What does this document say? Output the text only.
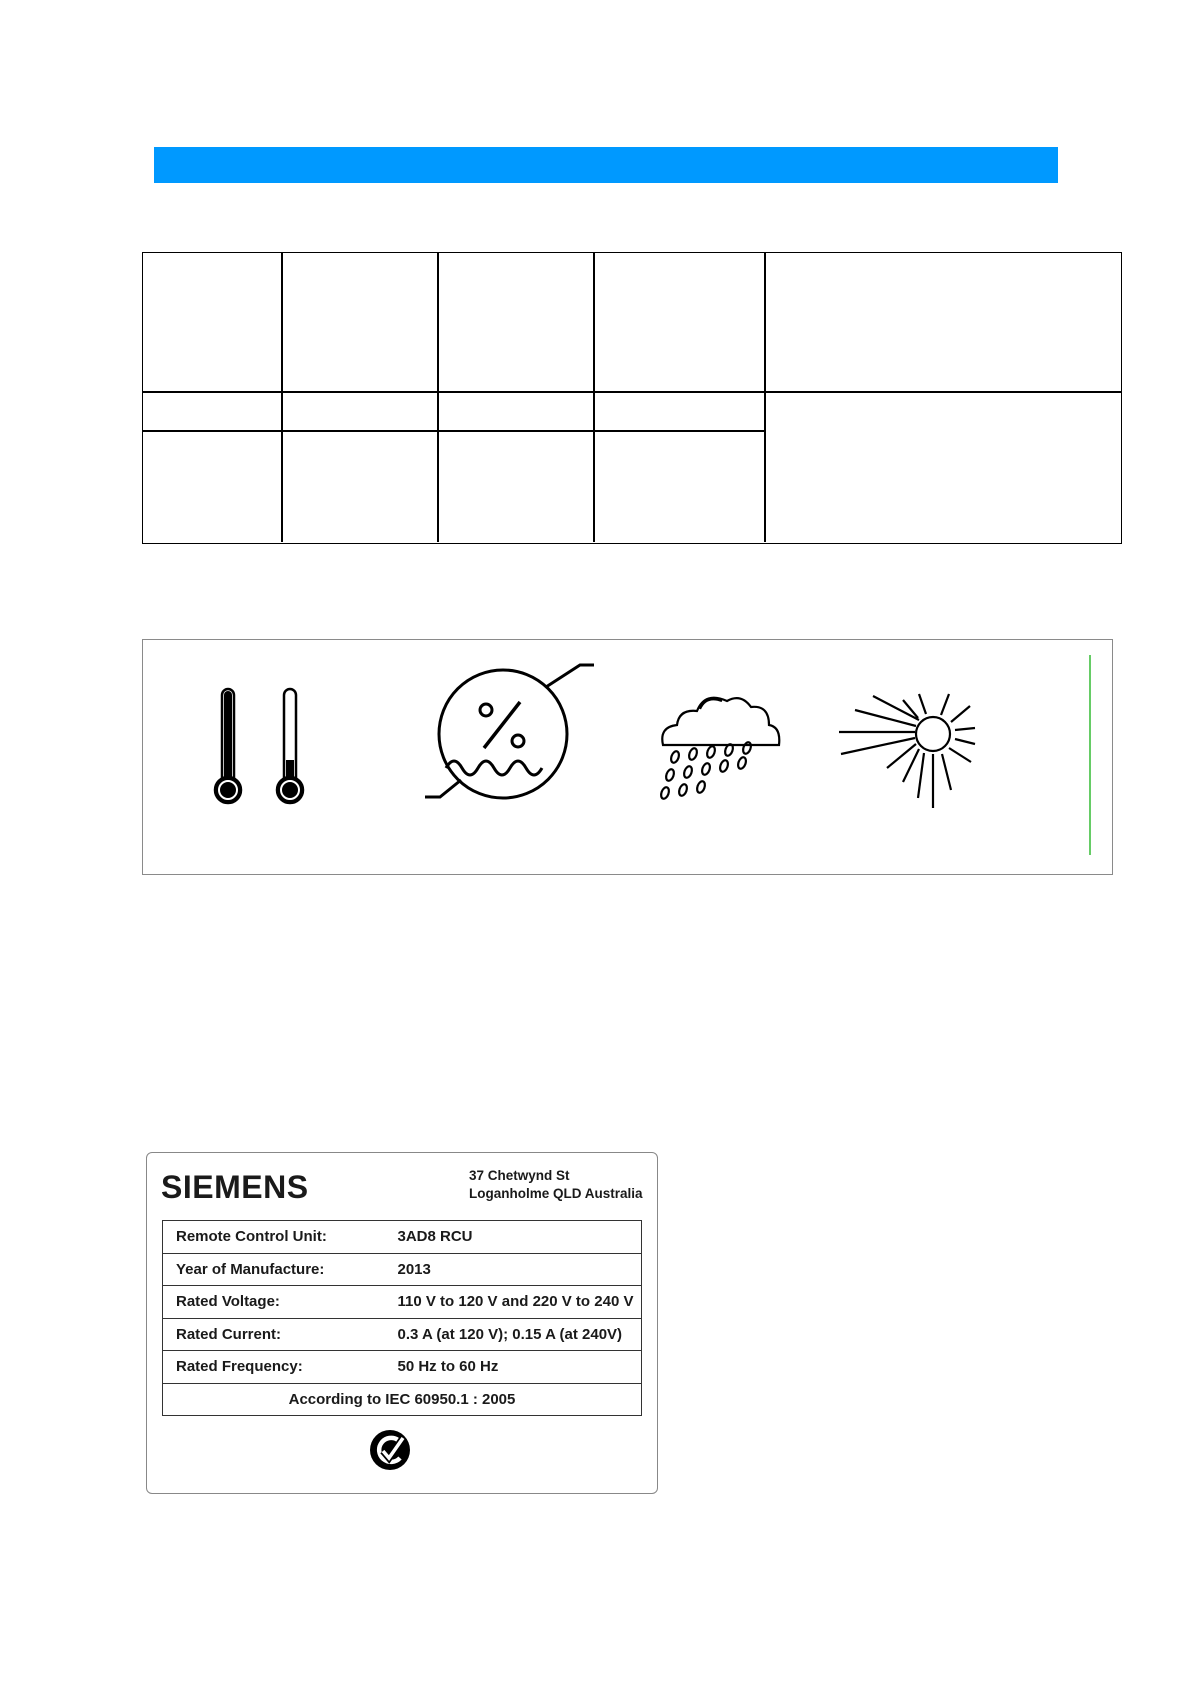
SIEMENS	37 Chetwynd St
Loganholme QLD Australia
Remote Control Unit:	3AD8 RCU
Year of Manufacture:	2013
Rated Voltage:	110 V to 120 V and 220 V to 240 V
Rated Current:	0.3 A (at 120 V); 0.15 A (at 240V)
Rated Frequency:	50 Hz to 60 Hz
According to IEC 60950.1 : 2005	
